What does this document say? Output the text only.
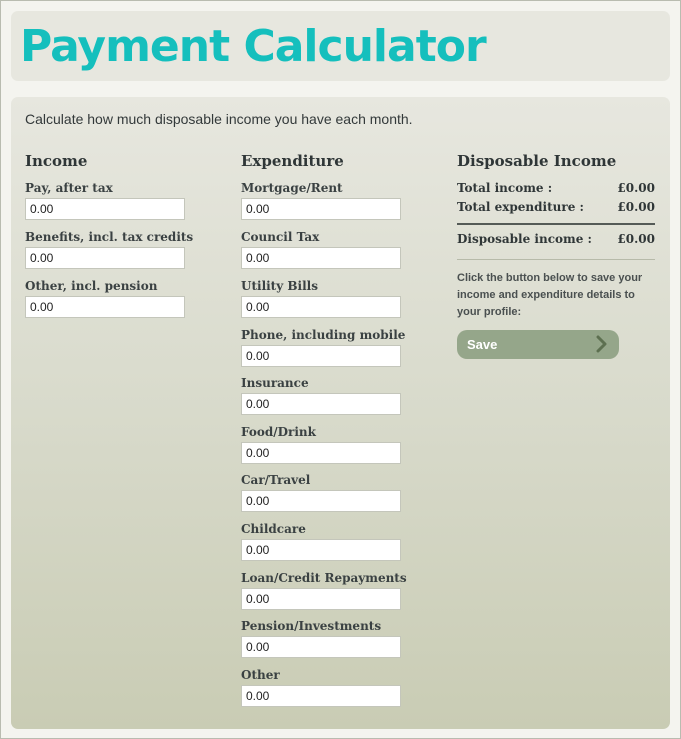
Payment Calculator

Calculate how much disposable income you have each month.

Income
Pay, after tax
0.00
Benefits, incl. tax credits
0.00
Other, incl. pension
0.00
Expenditure
Mortgage/Rent
0.00
Council Tax
0.00
Utility Bills
0.00
Phone, including mobile
0.00
Insurance
0.00
Food/Drink
0.00
Car/Travel
0.00
Childcare
0.00
Loan/Credit Repayments
0.00
Pension/Investments
0.00
Other
0.00
Disposable Income
Total income :	£0.00
Total expenditure :	£0.00
Disposable income : £0.00

Click the button below to save your income and expenditure details to your profile:

Save
